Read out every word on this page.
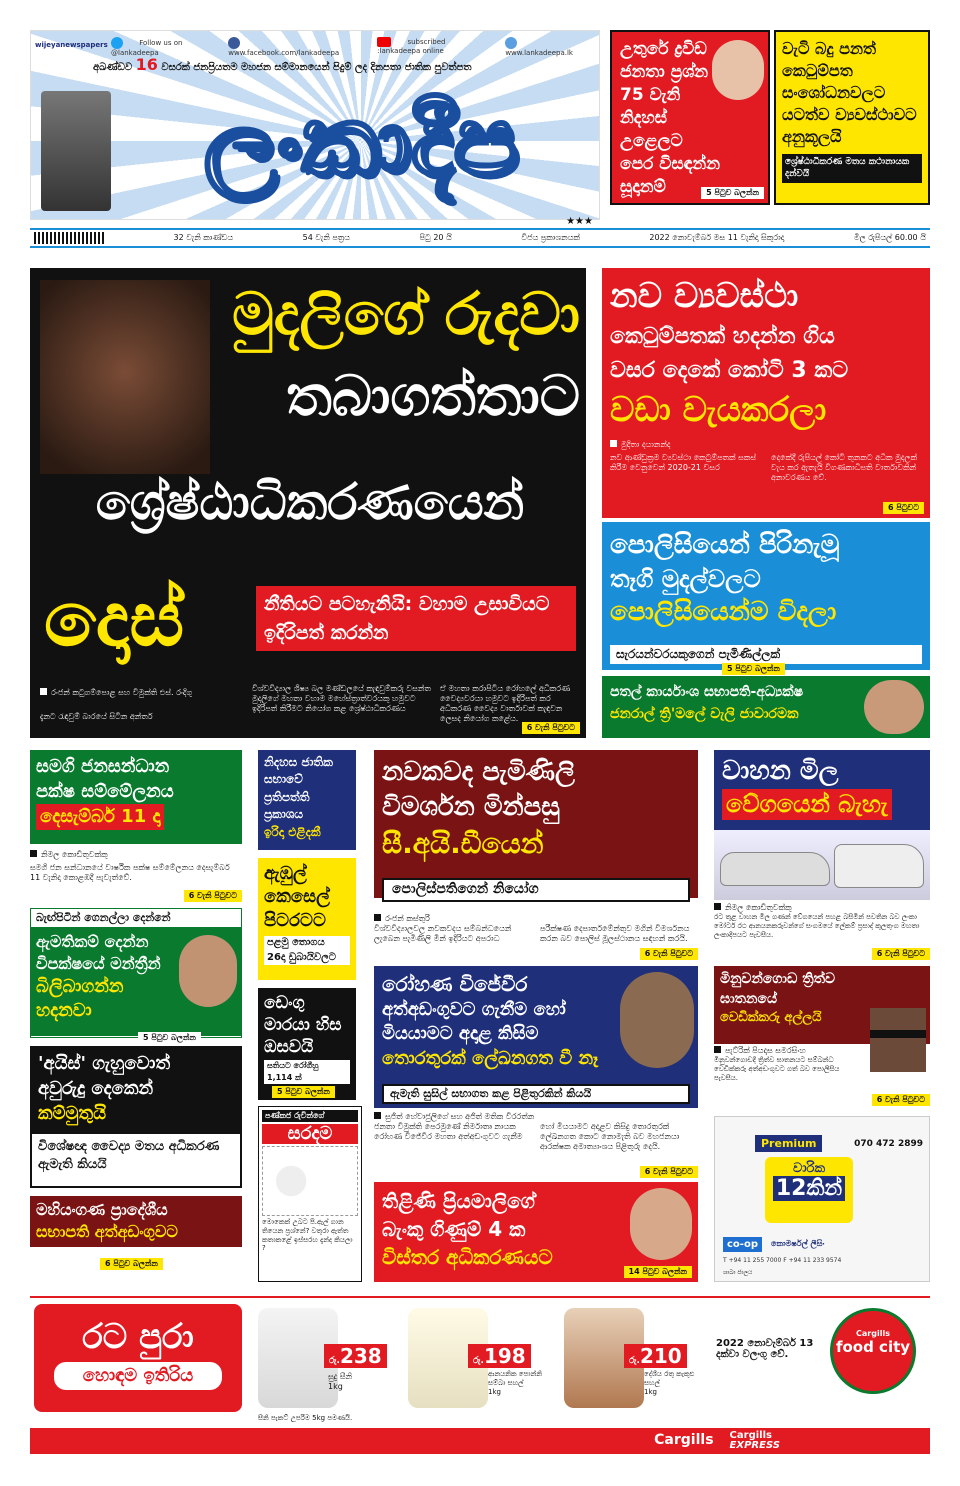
wijeyanewspapers	Follow us on @lankadeepa	www.facebook.com/lankadeepa
subscribed :lankadeepa online	www.lankadeepa.lk
අඛණ්ඩව 16 වසරක් ජනප්‍රියතම මහජන සම්මානයෙන් පිදුම් ලද දිනපතා ජාතික පුවත්පත
ලංකාදීප
★★★
උතුරේ ද්‍රවිඩ ජනතා ප්‍රශ්න 75 වැනි නිදහස් උළෙලට පෙර විසඳන්න සූදානම්	5 පිටුව බලන්න
වැටි බදු පනත් කෙටුම්පත සංශෝධනවලට යටත්ව ව්‍යවස්ථාවට අනුකූලයි
ශ්‍රේෂ්ඨාධිකරණ මතය කථානායක දන්වයි
32 වැනි කාණ්ඩය	54 වැනි පත්‍රය	පිටු 20 යි	විජය ප්‍රකාශනයක්	2022 නොවැම්බර් මස 11 වැනිදා සිකුරාදා	මිල රුපියල් 60.00 යි
මුදලිගේ රුදවා
තබාගත්තාට
ශ්‍රේෂ්ඨාධිකරණයෙන්
දොස්	නීතියට පටහැනියි: වහාම උසාවියට ඉදිරිපත් කරන්න
රංජන් කටුගම්පොළ සහ විමුක්ති එස්. රංදිගු
දැනට රැඳවුම් බාරයේ සිටින අන්තර්
විශ්වවිද්‍යාල ශිෂ්‍ය බල මණ්ඩලයේ කැඳවුම්කරු වසන්ත මුදලිගේ මහතා වහාම මහේස්ත්‍රාත්වරයකු හමුවට ඉදිරිපත් කිරීමට නියෝග කළ ශ්‍රේෂ්ඨාධිකරණය
ඒ මහතා කරාපිටිය රෝහලේ අධිකරණ වෛද්‍යවරයා හමුවට ඉදිරිපත් කර අධිකරණ වෛද්‍ය වාර්තාවක් කැඳවන ලෙසද නියෝග කළේය.
6 වැනි පිටුවට
නව ව්‍යවස්ථා
කෙටුම්පතක් හදන්න ගිය
වසර දෙකේ කෝටි 3 කට
වඩා වැයකරලා
මුදිතා දයානන්ද
නව ආණ්ඩුක්‍රම ව්‍යවස්ථා කෙටුම්පතක් සකස් කිරීම වෙනුවෙන් 2020-21 වසර
දෙකේදී රුපියල් කෝටි තුනකට අධික මුදලක් වැය කර ඇතැයි විගණකාධිපති වාර්තාවකින් අනාවරණය වේ.
6 පිටුවට
පොලිසියෙන් පිරිනැමූ
තෑගි මුදල්වලට
පොලිසියෙන්ම විදලා
සැරයන්වරයකුගෙන් පැමිණිල්ලක්
5 පිටුව බලන්න
පතල් කාර්යාංශ සභාපති-අධ්‍යක්ෂ
ජනරාල් ත්‍රි'මලේ වැලි ජාවාරමක
සමගි ජනසන්ධාන
පක්ෂ සම්මේලනය
දෙසැම්බර් 11 දා
නිමල කොඩිතුවක්කු
සමගි ජන සන්ධානයේ වාර්ෂික පක්ෂ සම්මේලනය දෙසැම්බර් 11 වැනිදා කොළඹදී පැවැත්වේ.
6 වැනි පිටුවට
නිදහස ජාතික සභාවේ ප්‍රතිපත්ති ප්‍රකාශය
ඉරිදා එළිදකී
ඇඹුල්
කෙසෙල්
පිටරටට
පළමු තොගය
26දා ඩුබායිවලට
ඩෙංගු
මාරයා හිස
ඔසවයි
සතියට රෝගීහු
1,114 ක්
5 පිටුව බලන්න
බැඟ්පිටින් ගෙනල්ලා දෙන්නේ
ඇමතිකම් දෙන්න
විපක්ෂයේ මන්ත්‍රීන්
බිලිබාගන්න
හදනවා
5 පිටුව බලන්න
'අයිස්' ගැහුවොත්
අවුරුදු දෙකෙන්
කම්මුතුයි
විශේෂඥ වෛද්‍ය මතය අධිකරණ ඇමැති කියයි
පණ්කජ රුවින්ගේ
සරදම
මොකෙක් උබට පී.ඇල් ගාන තියෙන ප්‍රශ්නේ? වතුරා ඇත්ත කතාකළේ ඉස්සරහ දැන්ද කියලා ?
මහියංගණ ප්‍රාදේශීය
සභාපති අත්අඩංගුවට
6 පිටුව බලන්න
නවකවද පැමිණිලි
විමර්ශන මින්පසු
සී.අයි.ඩීයෙන්
පොලිස්පතිගෙන් නියෝග
රංජන් කස්තුරි
විශ්වවිද්‍යාලවල නවකවදය සම්බන්ධයෙන් ලැබෙන පැමිණිලි මින් ඉදිරියට අපරාධ
පරීක්ෂණ දෙපාර්තමේන්තුව මගින් විමර්ශනය කරන බව පොලිස් මූලස්ථානය සඳහන් කරයි.
6 වැනි පිටුවට
රෝහණ විජේවීර
අත්අඩංගුවට ගැනීම හෝ
මියයාමට අදාළ කිසිම
තොරතුරක් ලේඛනගත වී නෑ
ඇමැති සුසිල් සභාගත කළ පිළිතුරකින් කියයි
සුජිත් හේවාජුලිගේ සහ අජිත් මතික විරරත්න
ජනතා විමුක්ති පෙරමුණේ නිර්මාතෘ නායක රෝහණ විජේවීර මහතා අත්අඩංගුවට ගැනීම
හෝ මියයාමට අදාළව කිසිදු තොරතුරක් ලේඛනගත කොට නොමැති බව මහජනයා ආරක්ෂක අමාත්‍යාංශය පිළිතුරු දෙයි.
6 වැනි පිටුවට
තිළිණි ප්‍රියමාලිගේ
බැංකු ගිණුම් 4 ක
විස්තර අධිකරණයට
14 පිටුව බලන්න
වාහන මිල
වේගයෙන් බැහැ
නිමල කොඩිතුවක්කු
රට තුළ වාහන මිල ගණන් වේගයෙන් පහළ බසිමින් පවතින බව ලංකා මෝටර් රථ ආනයනකරුවන්ගේ සංගමයේ ලේකම් ප්‍රසාද් කුලතුංග මහතා ලංකාදීපයට පැවසීය.
6 වැනි පිටුවට
මිනුවන්ගොඩ ත්‍රිත්ව
ඝාතනයේ
වෙඩික්කරු අල්ලයි
පැට්රික් පියදාස සමරසිංහ
මිනුවන්ගොඩදී ත්‍රිත්ව ඝාතනයට සම්බන්ධ වෙඩික්කරු අත්අඩංගුවට ගත් බව පොලිසිය පැවසීය.
6 වැනි පිටුවට
Premium	070 472 2899
වාරික
12කින්
co-op	කොමර්ෂල් ලීසිං
T +94 11 255 7000 F +94 11 233 9574
ශාඛා ජාලය
රට පුරා
හොඳම ඉතිරිය
රු.238
සුදු සීනි
1kg
රු.198
ආනයනික පොන්නි සම්බා සහල්
1kg
රු.210
දේශීය රතු කැකුළු සහල්
1kg
සීනි පැකට් උපරිම 5kg පමණයි.
2022 නොවැම්බර් 13
දක්වා වලංගු වේ.
Cargills
food city
Cargills Cargills
EXPRESS
